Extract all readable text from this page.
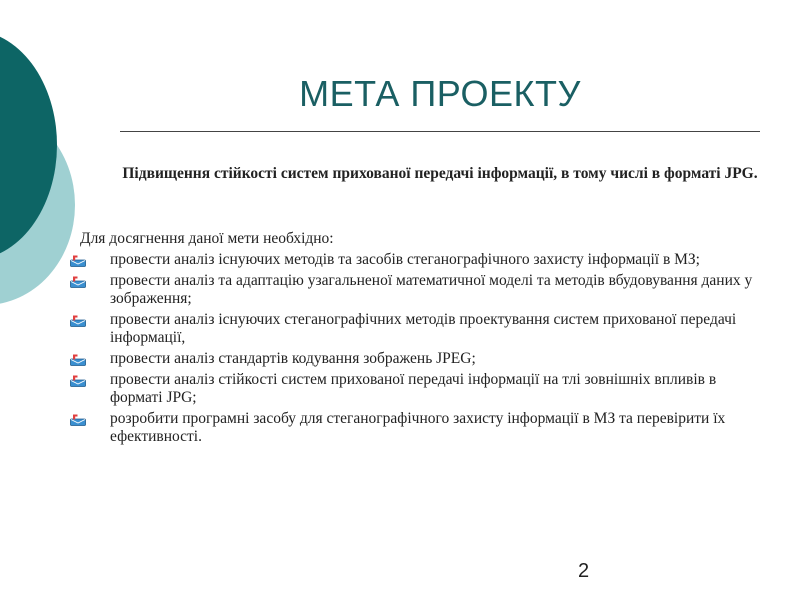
МЕТА ПРОЕКТУ
Підвищення стійкості систем прихованої передачі інформації, в тому числі в форматі JPG.
Для досягнення даної мети необхідно:
провести аналіз існуючих методів та засобів стеганографічного захисту інформації в МЗ;
провести аналіз та адаптацію узагальненої математичної моделі та методів вбудовування даних у зображення;
провести аналіз існуючих стеганографічних методів проектування систем прихованої передачі інформації,
провести аналіз стандартів кодування зображень JPEG;
провести аналіз стійкості систем прихованої передачі інформації на тлі зовнішніх впливів в форматі JPG;
розробити програмні засобу для стеганографічного захисту інформації в МЗ та перевірити їх ефективності.
2
